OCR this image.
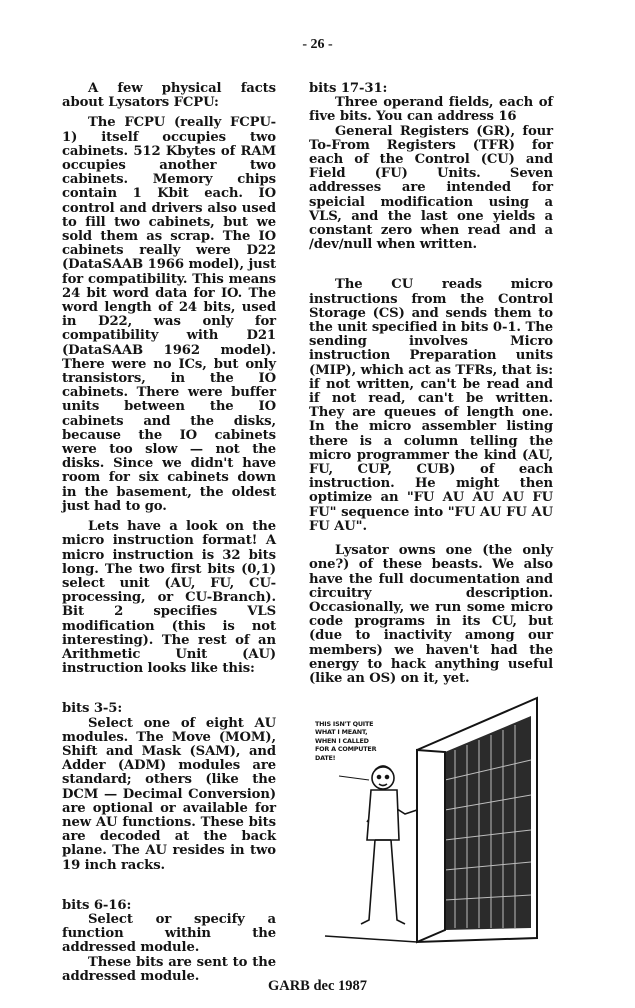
- 26 -

A few physical facts about Lysators FCPU:

The FCPU (really FCPU-1) itself occupies two cabinets. 512 Kbytes of RAM occupies another two cabinets. Memory chips contain 1 Kbit each. IO control and drivers also used to fill two cabinets, but we sold them as scrap. The IO cabinets really were D22 (DataSAAB 1966 model), just for compatibility. This means 24 bit word data for IO. The word length of 24 bits, used in D22, was only for compatibility with D21 (DataSAAB 1962 model). There were no ICs, but only transistors, in the IO cabinets. There were buffer units between the IO cabinets and the disks, because the IO cabinets were too slow — not the disks. Since we didn't have room for six cabinets down in the basement, the oldest just had to go.

Lets have a look on the micro instruction format! A micro instruction is 32 bits long. The two first bits (0,1) select unit (AU, FU, CU-processing, or CU-Branch). Bit 2 specifies VLS modification (this is not interesting). The rest of an Arithmetic Unit (AU) instruction looks like this:

bits 3-5:

Select one of eight AU modules. The Move (MOM), Shift and Mask (SAM), and Adder (ADM) modules are standard; others (like the DCM — Decimal Conversion) are optional or available for new AU functions. These bits are decoded at the back plane. The AU resides in two 19 inch racks.

bits 6-16:

Select or specify a function within the addressed module.

These bits are sent to the addressed module.

bits 17-31:

Three operand fields, each of five bits. You can address 16

General Registers (GR), four To-From Registers (TFR) for each of the Control (CU) and Field (FU) Units. Seven addresses are intended for speicial modification using a VLS, and the last one yields a constant zero when read and a /dev/null when written.

The CU reads micro instructions from the Control Storage (CS) and sends them to the unit specified in bits 0-1. The sending involves Micro instruction Preparation units (MIP), which act as TFRs, that is: if not written, can't be read and if not read, can't be written. They are queues of length one. In the micro assembler listing there is a column telling the micro programmer the kind (AU, FU, CUP, CUB) of each instruction. He might then optimize an "FU AU AU AU FU FU" sequence into "FU AU FU AU FU AU".

Lysator owns one (the only one?) of these beasts. We also have the full documentation and circuitry description. Occasionally, we run some micro code programs in its CU, but (due to inactivity among our members) we haven't had the energy to hack anything useful (like an OS) on it, yet.

THIS ISN'T QUITE WHAT I MEANT, WHEN I CALLED FOR A COMPUTER DATE!
GARB dec 1987
